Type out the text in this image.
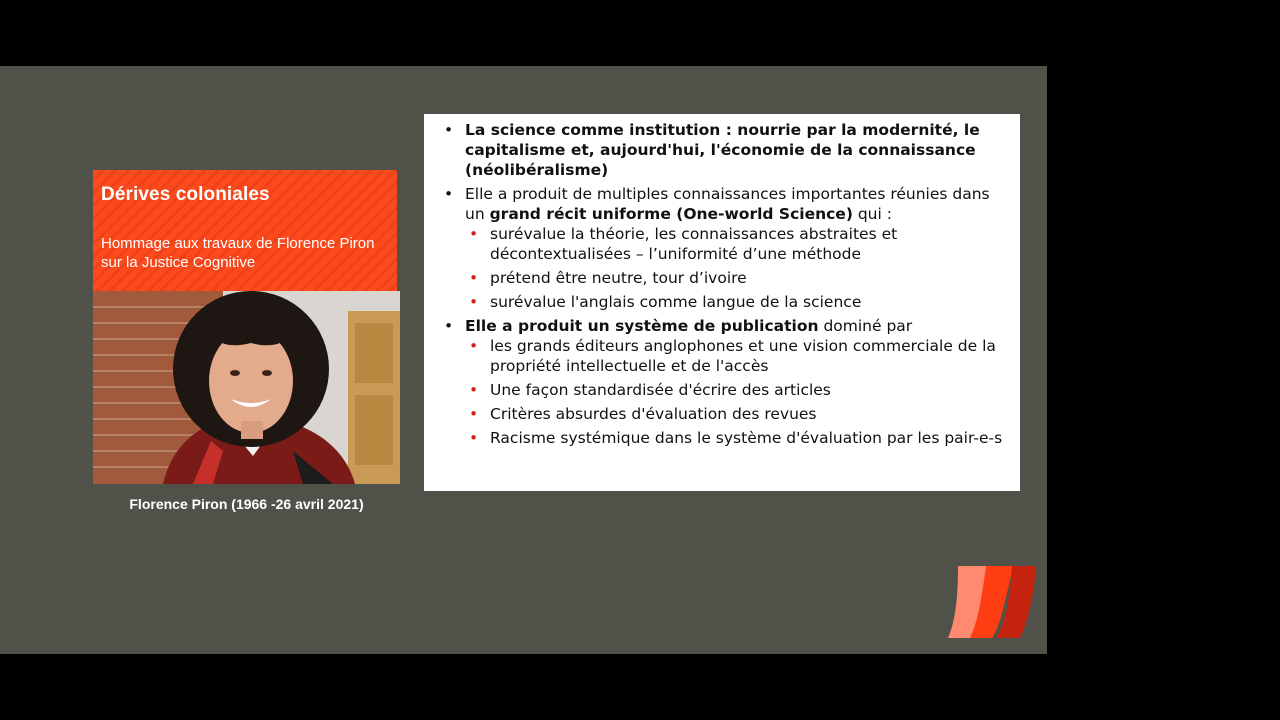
Dérives coloniales
Hommage aux travaux de Florence Piron sur la Justice Cognitive
Florence Piron (1966 -26 avril 2021)
• La science comme institution : nourrie par la modernité, le capitalisme et, aujourd'hui, l'économie de la connaissance (néolibéralisme)
• Elle a produit de multiples connaissances importantes réunies dans un grand récit uniforme (One-world Science) qui :
• surévalue la théorie, les connaissances abstraites et décontextualisées – l’uniformité d’une méthode
• prétend être neutre, tour d’ivoire
• surévalue l'anglais comme langue de la science
• Elle a produit un système de publication dominé par
• les grands éditeurs anglophones et une vision commerciale de la propriété intellectuelle et de l'accès
• Une façon standardisée d'écrire des articles
• Critères absurdes d'évaluation des revues
• Racisme systémique dans le système d'évaluation par les pair-e-s
